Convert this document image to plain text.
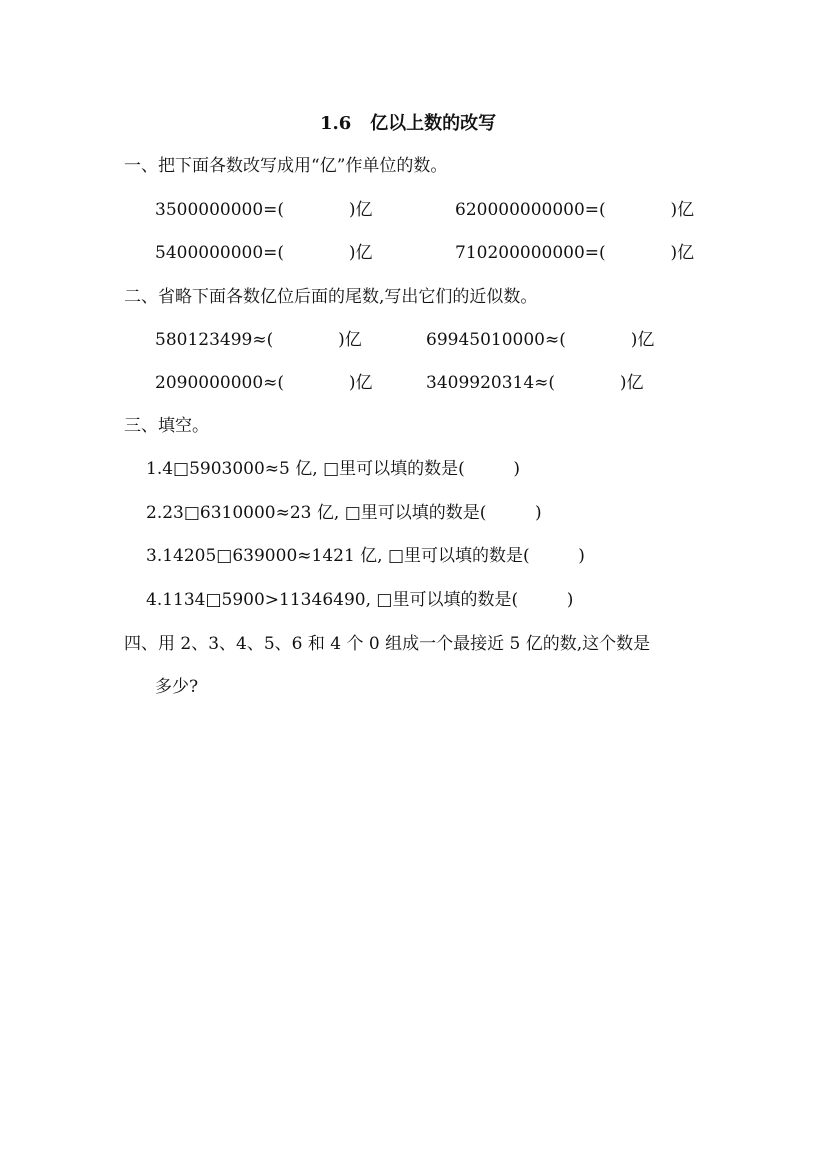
1.6   亿以上数的改写
一、把下面各数改写成用“亿”作单位的数。
3500000000=(            )亿	620000000000=(            )亿
5400000000=(            )亿	710200000000=(            )亿
二、省略下面各数亿位后面的尾数,写出它们的近似数。
580123499≈(            )亿	69945010000≈(            )亿
2090000000≈(            )亿	3409920314≈(            )亿
三、填空。
1.4□5903000≈5 亿, □里可以填的数是(         )
2.23□6310000≈23 亿, □里可以填的数是(         )
3.14205□639000≈1421 亿, □里可以填的数是(         )
4.1134□5900>11346490, □里可以填的数是(         )
四、用 2、3、4、5、6 和 4 个 0 组成一个最接近 5 亿的数,这个数是
多少?
